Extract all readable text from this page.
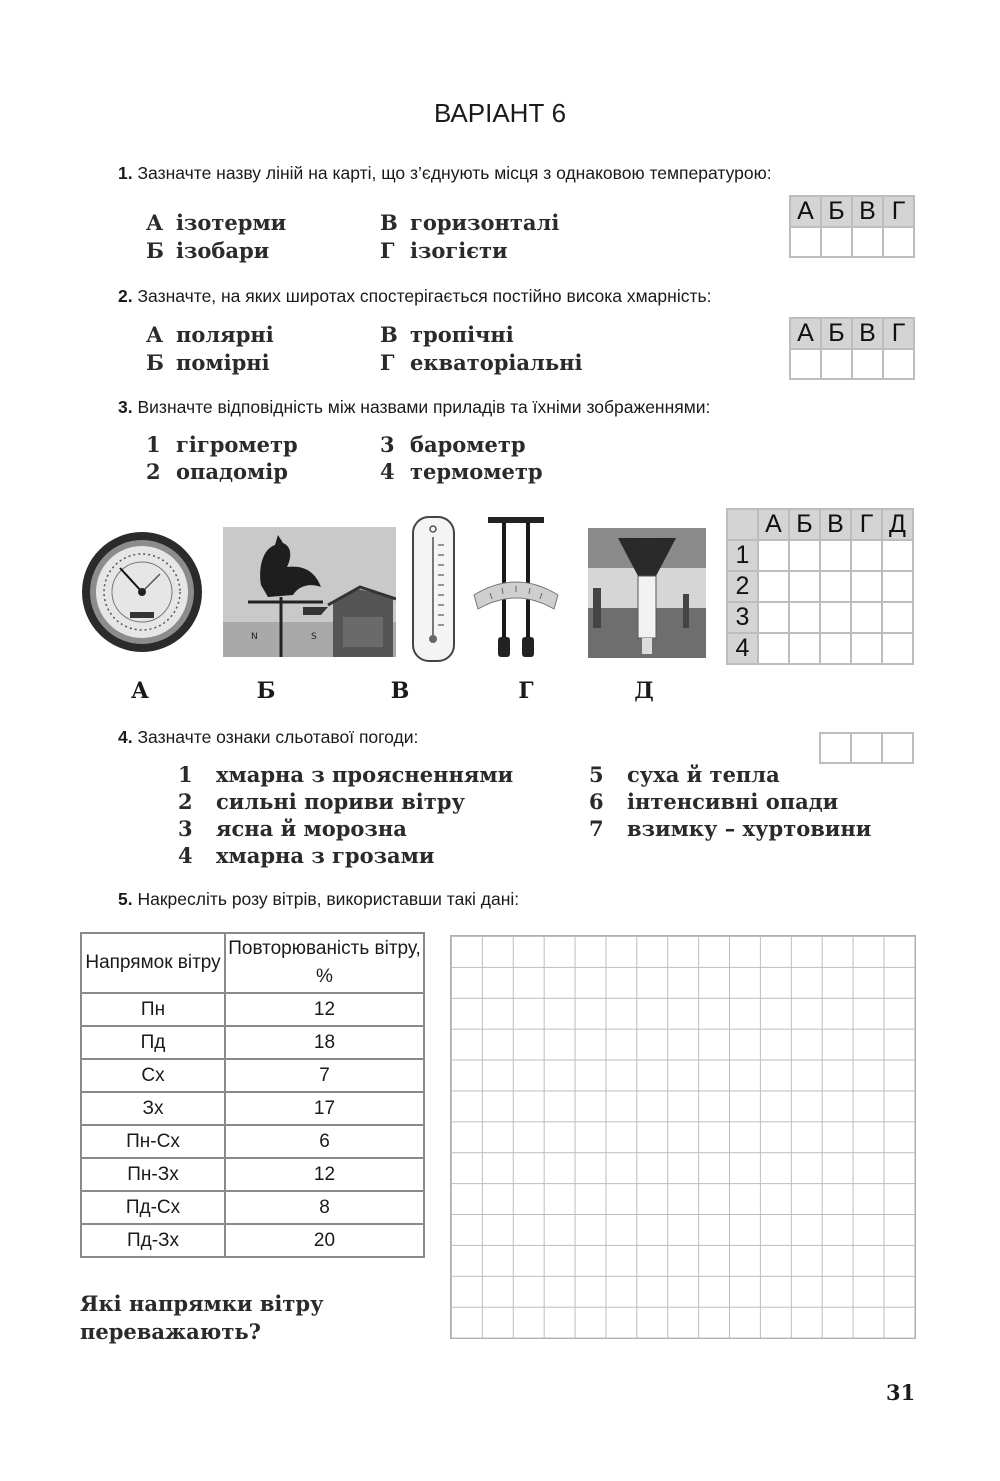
ВАРІАНТ 6
1. Зазначте назву ліній на карті, що з’єднують місця з однаковою температурою:
А ізотерми
Б ізобари
В горизонталі
Г ізогієти
А	Б	В	Г

2. Зазначте, на яких широтах спостерігається постійно висока хмарність:
А полярні
Б помірні
В тропічні
Г екваторіальні
А	Б	В	Г

3. Визначте відповідність між назвами приладів та їхніми зображеннями:
1 гігрометр
2 опадомір
3 барометр
4 термометр
N	S
А	Б	В	Г	Д
	А	Б	В	Г	Д
1					
2					
3					
4					
4. Зазначте ознаки сльотавої погоди:

1 хмарна з проясненнями
2 сильні пориви вітру
3 ясна й морозна
4 хмарна з грозами
5 суха й тепла
6 інтенсивні опади
7 взимку – хуртовини
5. Накресліть розу вітрів, використавши такі дані:
Напрямок вітру	Повторюваність вітру, %
Пн	12
Пд	18
Сх	7
Зх	17
Пн-Сх	6
Пн-Зх	12
Пд-Сх	8
Пд-Зх	20
Які напрямки вітру переважають?
31
